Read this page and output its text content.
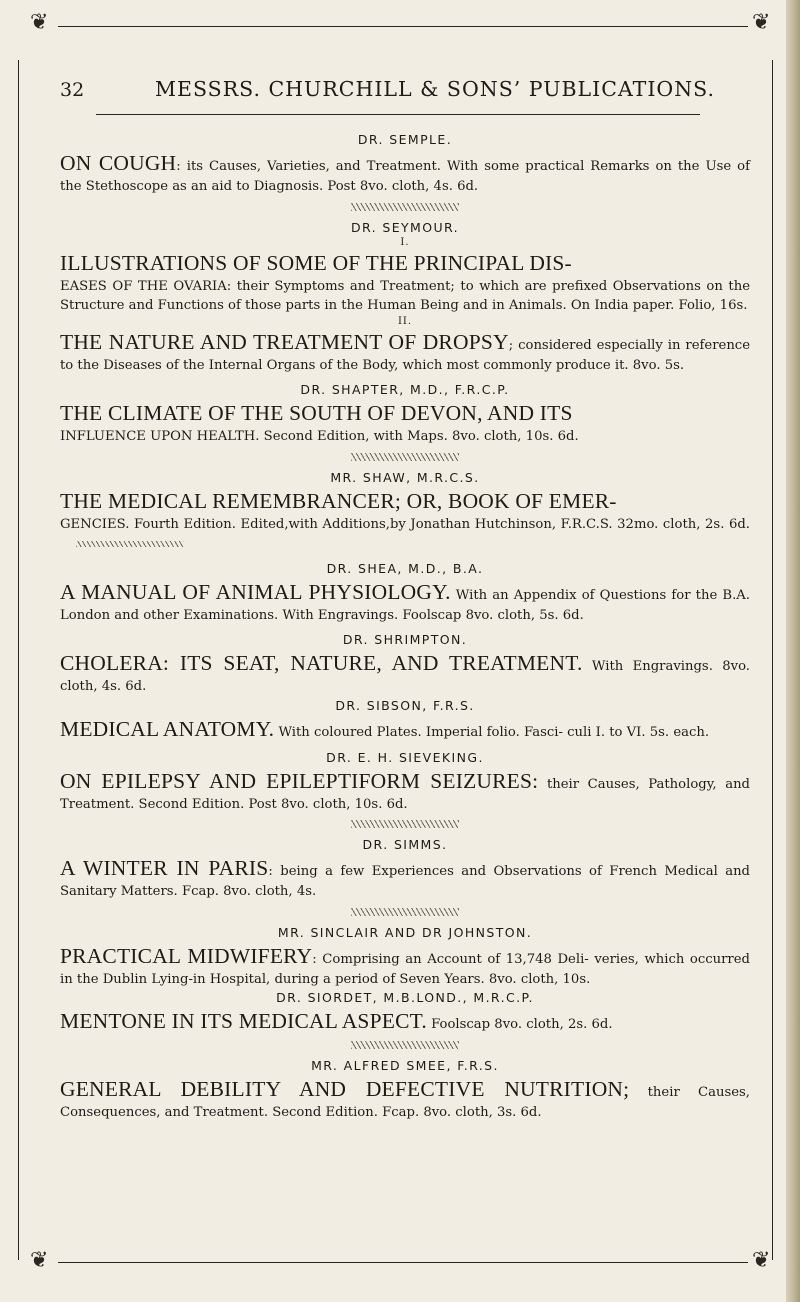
❦	❦
32	MESSRS. CHURCHILL & SONS’ PUBLICATIONS.

DR. SEMPLE.

ON COUGH: its Causes, Varieties, and Treatment. With some practical Remarks on the Use of the Stethoscope as an aid to Diagnosis. Post 8vo. cloth, 4s. 6d.

DR. SEYMOUR.

I.

ILLUSTRATIONS OF SOME OF THE PRINCIPAL DIS-
EASES OF THE OVARIA: their Symptoms and Treatment; to which are prefixed Observations on the Structure and Functions of those parts in the Human Being and in Animals. On India paper. Folio, 16s.

II.

THE NATURE AND TREATMENT OF DROPSY; considered especially in reference to the Diseases of the Internal Organs of the Body, which most commonly produce it. 8vo. 5s.

DR. SHAPTER, M.D., F.R.C.P.

THE CLIMATE OF THE SOUTH OF DEVON, AND ITS
INFLUENCE UPON HEALTH. Second Edition, with Maps. 8vo. cloth, 10s. 6d.

MR. SHAW, M.R.C.S.

THE MEDICAL REMEMBRANCER; OR, BOOK OF EMER-
GENCIES. Fourth Edition. Edited,with Additions,by Jonathan Hutchinson, F.R.C.S. 32mo. cloth, 2s. 6d.

DR. SHEA, M.D., B.A.

A MANUAL OF ANIMAL PHYSIOLOGY. With an Appendix of Questions for the B.A. London and other Examinations. With Engravings. Foolscap 8vo. cloth, 5s. 6d.

DR. SHRIMPTON.

CHOLERA: ITS SEAT, NATURE, AND TREATMENT. With Engravings. 8vo. cloth, 4s. 6d.

DR. SIBSON, F.R.S.

MEDICAL ANATOMY. With coloured Plates. Imperial folio. Fasci- culi I. to VI. 5s. each.

DR. E. H. SIEVEKING.

ON EPILEPSY AND EPILEPTIFORM SEIZURES: their Causes, Pathology, and Treatment. Second Edition. Post 8vo. cloth, 10s. 6d.

DR. SIMMS.

A WINTER IN PARIS: being a few Experiences and Observations of French Medical and Sanitary Matters. Fcap. 8vo. cloth, 4s.

MR. SINCLAIR AND DR JOHNSTON.

PRACTICAL MIDWIFERY: Comprising an Account of 13,748 Deli- veries, which occurred in the Dublin Lying-in Hospital, during a period of Seven Years. 8vo. cloth, 10s.

DR. SIORDET, M.B.LOND., M.R.C.P.

MENTONE IN ITS MEDICAL ASPECT. Foolscap 8vo. cloth, 2s. 6d.

MR. ALFRED SMEE, F.R.S.

GENERAL DEBILITY AND DEFECTIVE NUTRITION; their Causes, Consequences, and Treatment. Second Edition. Fcap. 8vo. cloth, 3s. 6d.

❦	❦
